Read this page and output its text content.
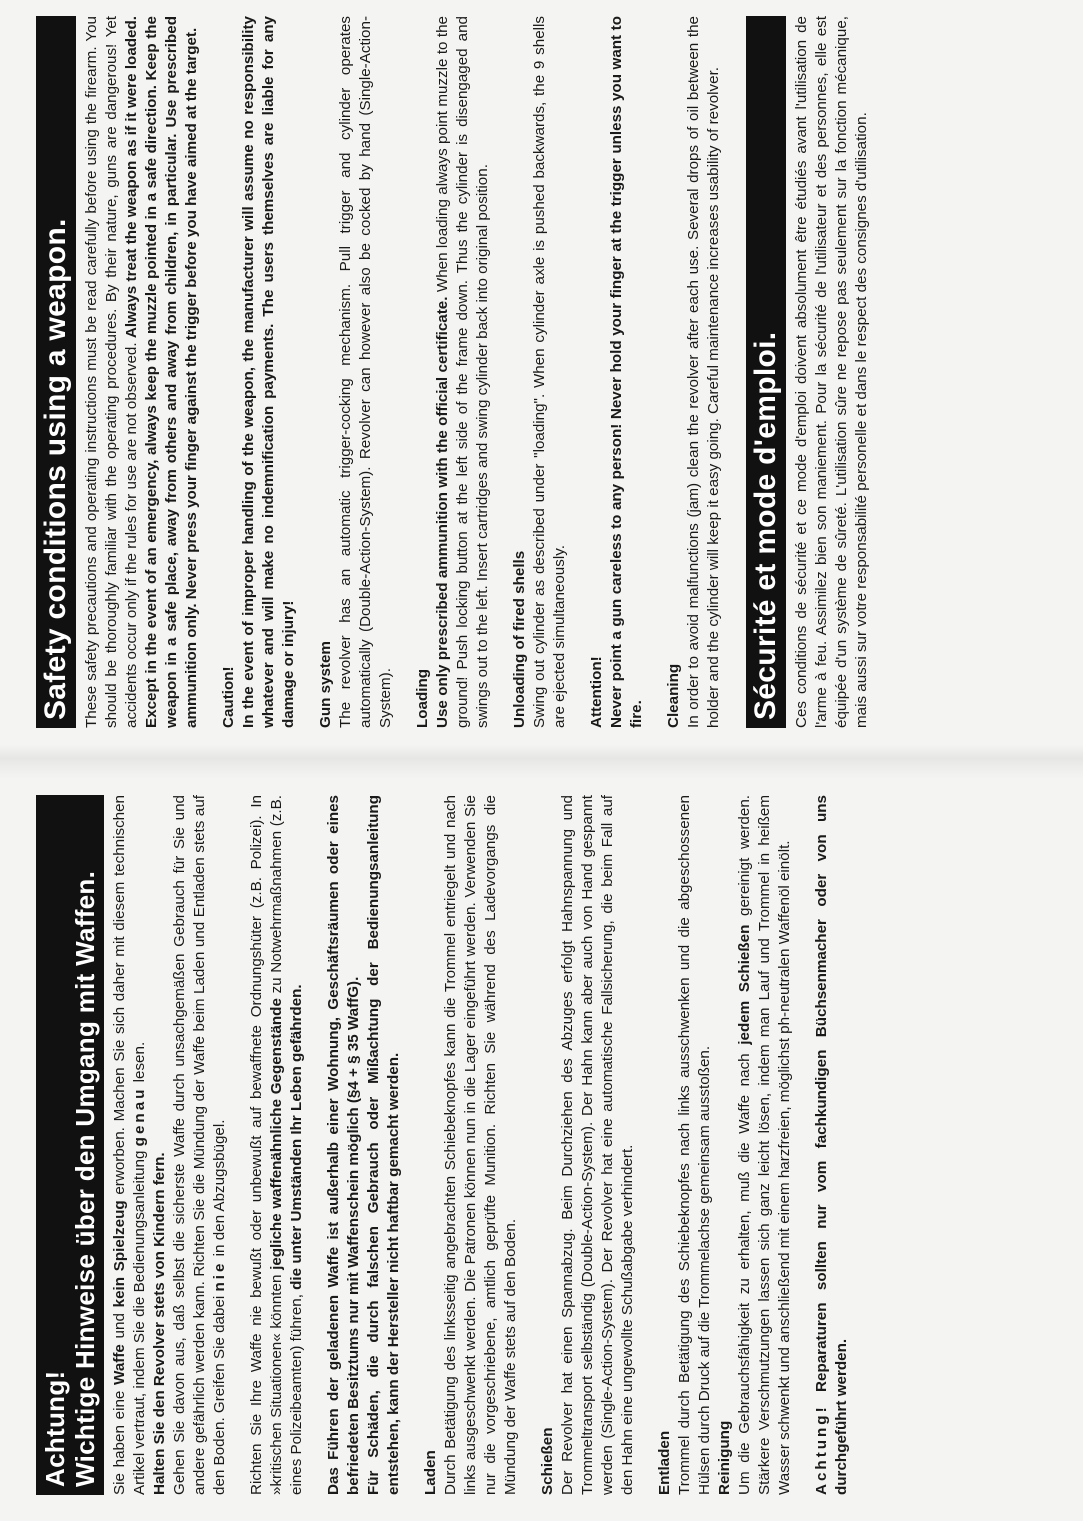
Safety conditions using a weapon. These safety precautions and operating instructions must be read carefully before using the firearm. You should be thoroughly familiar with the operating procedures. By their nature, guns are dangerous! Yet accidents occur only if the rules for use are not observed. Always treat the weapon as if it were loaded. Except in the event of an emergency, always keep the muzzle pointed in a safe direction. Keep the weapon in a safe place, away from others and away from children, in particular. Use prescribed ammunition only. Never press your finger against the trigger before you have aimed at the target. Caution! In the event of improper handling of the weapon, the manufacturer will assume no responsibility whatever and will make no indemnification payments. The users themselves are liable for any damage or injury! Gun system The revolver has an automatic trigger-cocking mechanism. Pull trigger and cylinder operates automatically (Double-Action-System). Revolver can however also be cocked by hand (Single-Action-System). Loading Use only prescribed ammunition with the official certificate. When loading always point muzzle to the ground! Push locking button at the left side of the frame down. Thus the cylinder is disengaged and swings out to the left. Insert cartridges and swing cylinder back into original position. Unloading of fired shells Swing out cylinder as described under "loading". When cylinder axle is pushed backwards, the 9 shells are ejected simultaneously. Attention! Never point a gun careless to any person! Never hold your finger at the trigger unless you want to fire. Cleaning In order to avoid malfunctions (jam) clean the revolver after each use. Several drops of oil between the holder and the cylinder will keep it easy going. Careful maintenance increases usability of revolver. Sécurité et mode d'emploi. Ces conditions de sécurité et ce mode d'emploi doivent absolument être étudiés avant l'utilisation de l'arme à feu. Assimilez bien son maniement. Pour la sécurité de l'utilisateur et des personnes, elle est équipée d'un système de sûreté. L'utilisation sûre ne repose pas seulement sur la fonction mécanique, mais aussi sur votre responsabilité personelle et dans le respect des consignes d'utilisation.
Achtung! Wichtige Hinweise über den Umgang mit Waffen. Sie haben eine Waffe und kein Spielzeug erworben. Machen Sie sich daher mit diesem technischen Artikel vertraut, indem Sie die Bedienungsanleitung genau lesen.
Halten Sie den Revolver stets von Kindern fern. Gehen Sie davon aus, daß selbst die sicherste Waffe durch unsachgemäßen Gebrauch für Sie und andere gefährlich werden kann. Richten Sie die Mündung der Waffe beim Laden und Entladen stets auf den Boden. Greifen Sie dabei nie in den Abzugsbügel. Richten Sie Ihre Waffe nie bewußt oder unbewußt auf bewaffnete Ordnungshüter (z.B. Polizei). In »kritischen Situationen« könnten jegliche waffenähnliche Gegenstände zu Notwehrmaßnahmen (z.B. eines Polizeibeamten) führen, die unter Umständen Ihr Leben gefährden. Das Führen der geladenen Waffe ist außerhalb einer Wohnung, Geschäftsräumen oder eines befriedeten Besitztums nur mit Waffenschein möglich (§4 + § 35 WaffG). Für Schäden, die durch falschen Gebrauch oder Mißachtung der Bedienungsanleitung entstehen, kann der Hersteller nicht haftbar gemacht werden. Laden Durch Betätigung des linksseitig angebrachten Schiebeknopfes kann die Trommel entriegelt und nach links ausgeschwenkt werden. Die Patronen können nun in die Lager eingeführt werden. Verwenden Sie nur die vorgeschriebene, amtlich geprüfte Munition. Richten Sie während des Ladevorgangs die Mündung der Waffe stets auf den Boden. Schießen Der Revolver hat einen Spannabzug. Beim Durchziehen des Abzuges erfolgt Hahnspannung und Trommeltransport selbständig (Double-Action-System). Der Hahn kann aber auch von Hand gespannt werden (Single-Action-System). Der Revolver hat eine automatische Fallsicherung, die beim Fall auf den Hahn eine ungewollte Schußabgabe verhindert. Entladen Trommel durch Betätigung des Schiebeknopfes nach links ausschwenken und die abgeschossenen Hülsen durch Druck auf die Trommelachse gemeinsam ausstoßen. Reinigung Um die Gebrauchsfähigkeit zu erhalten, muß die Waffe nach jedem Schießen gereinigt werden. Stärkere Verschmutzungen lassen sich ganz leicht lösen, indem man Lauf und Trommel in heißem Wasser schwenkt und anschließend mit einem harzfreien, möglichst ph-neutralen Waffenöl einölt. Achtung! Reparaturen sollten nur vom fachkundigen Büchsenmacher oder von uns durchgeführt werden.
